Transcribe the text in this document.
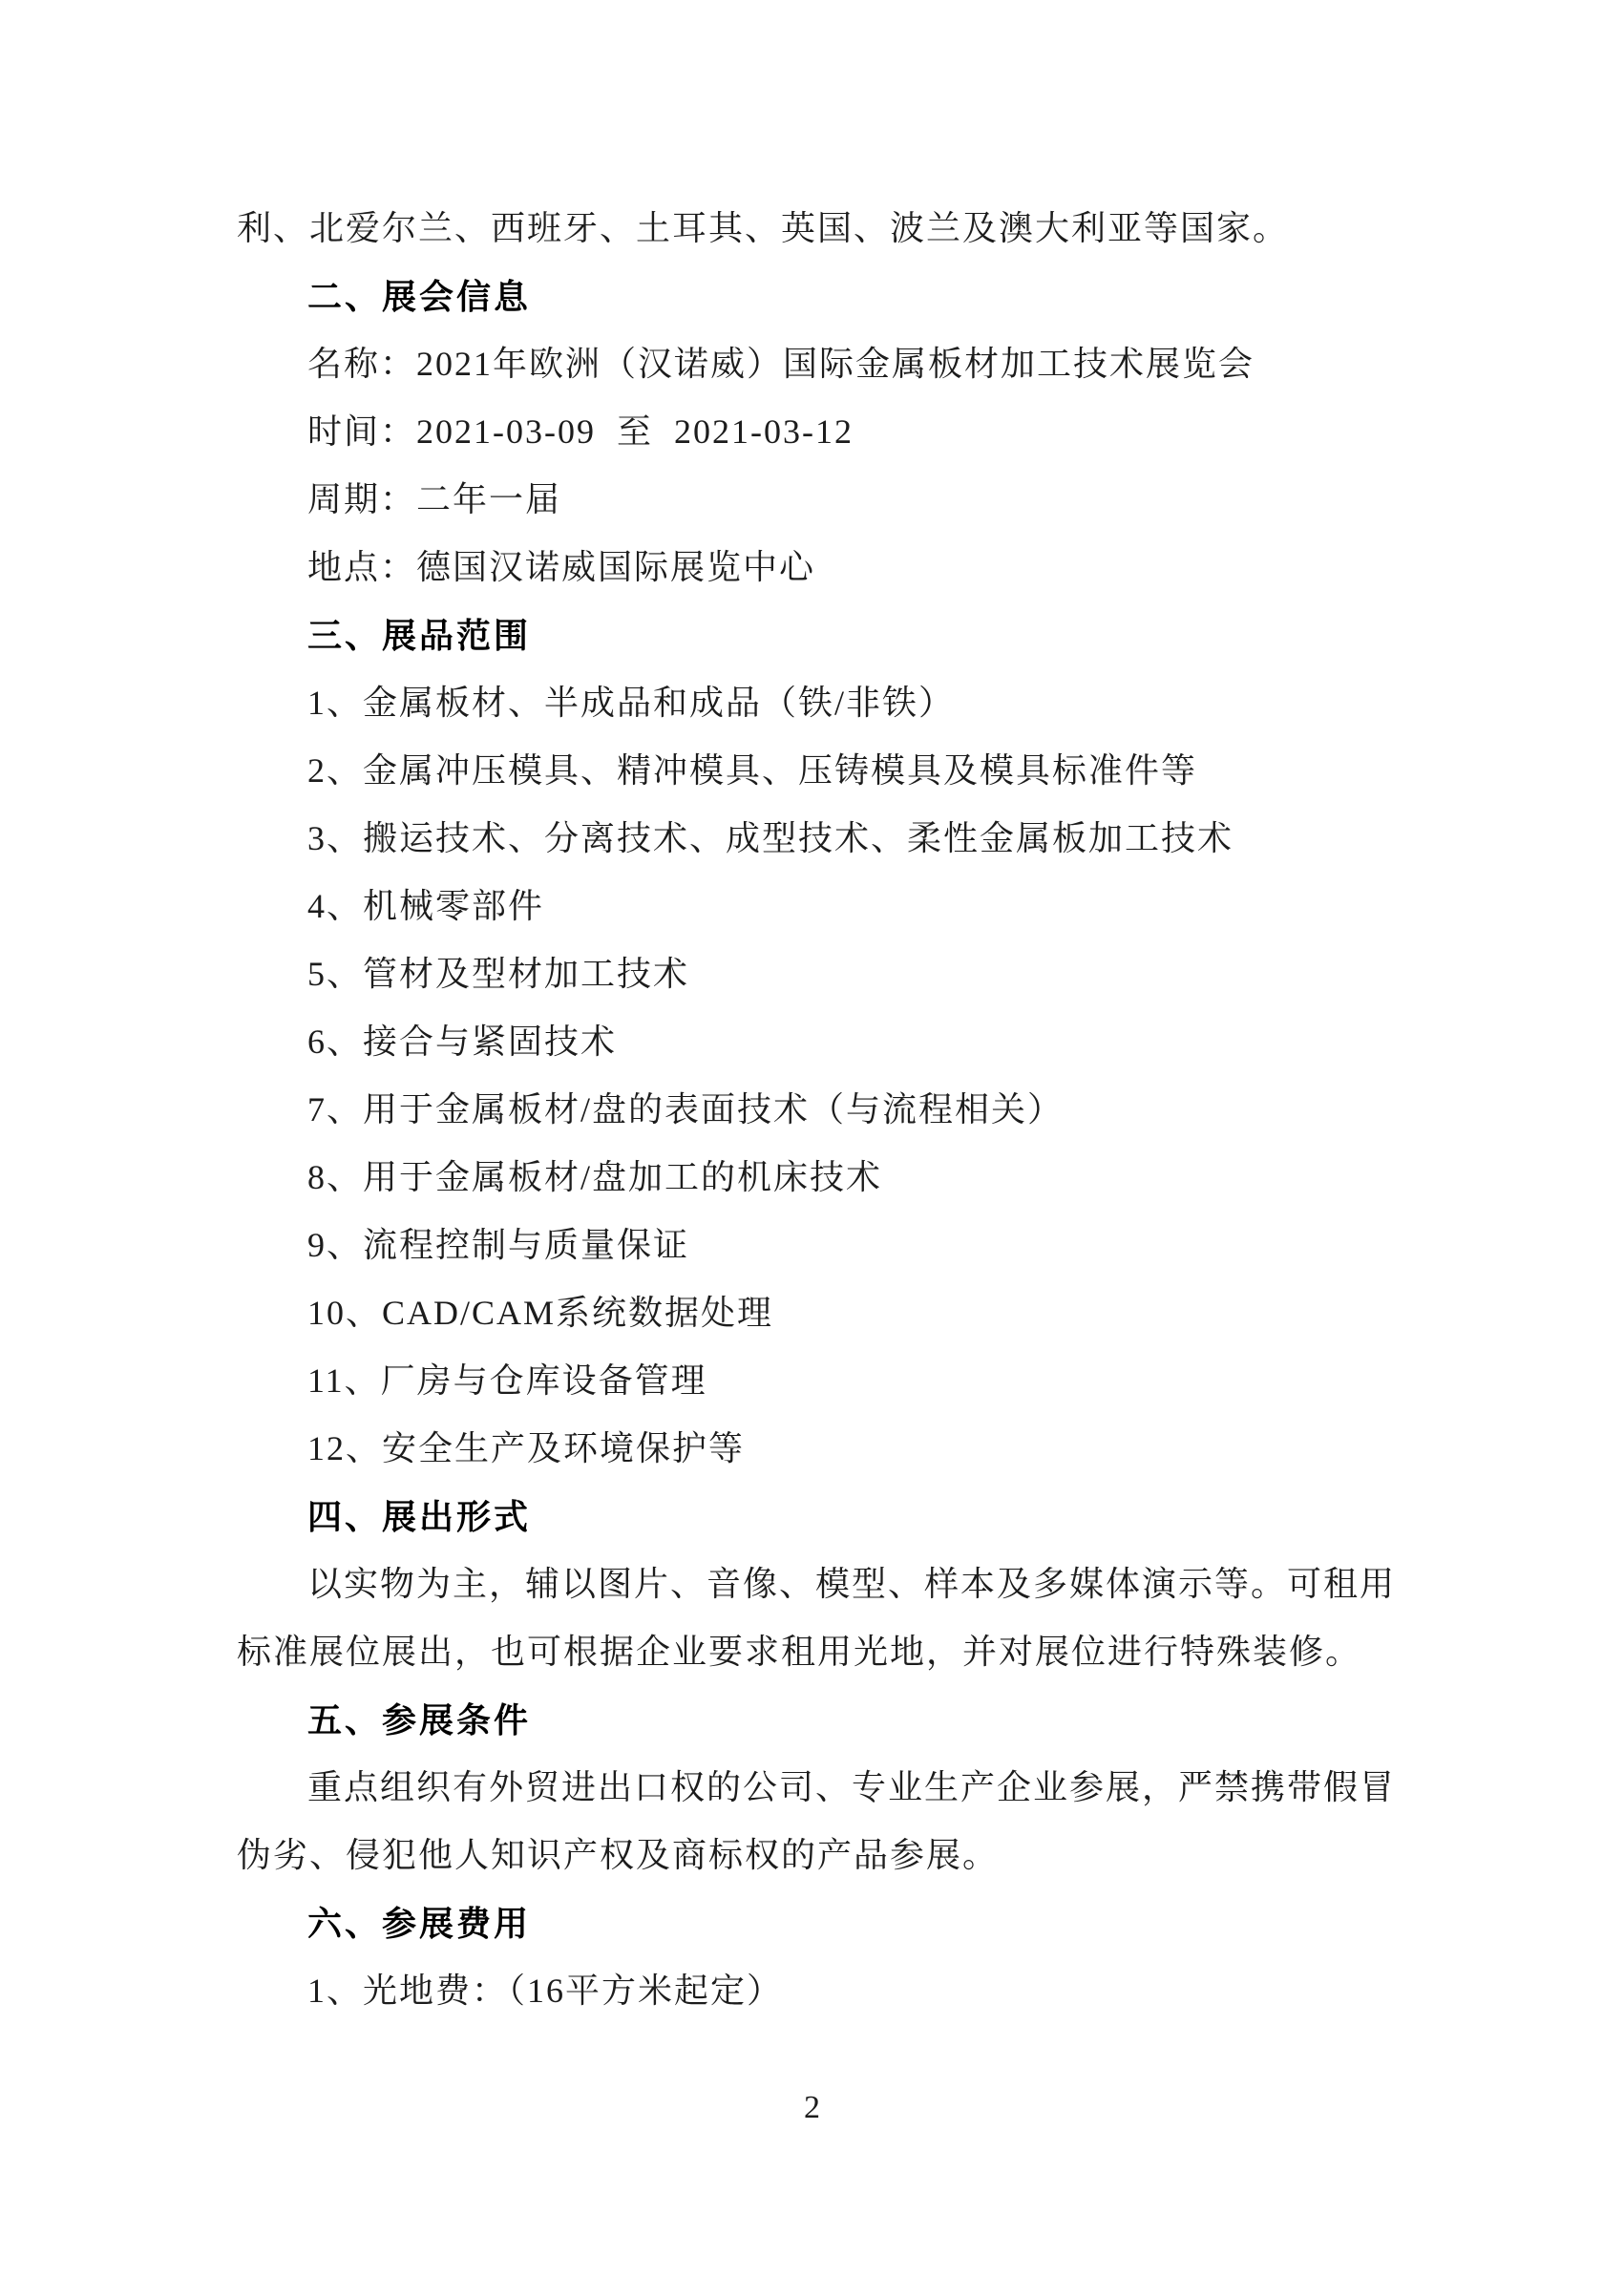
利、北爱尔兰、西班牙、土耳其、英国、波兰及澳大利亚等国家。
二、展会信息
名称：2021年欧洲（汉诺威）国际金属板材加工技术展览会
时间：2021-03-09  至  2021-03-12
周期：二年一届
地点：德国汉诺威国际展览中心
三、展品范围
1、金属板材、半成品和成品（铁/非铁）
2、金属冲压模具、精冲模具、压铸模具及模具标准件等
3、搬运技术、分离技术、成型技术、柔性金属板加工技术
4、机械零部件
5、管材及型材加工技术
6、接合与紧固技术
7、用于金属板材/盘的表面技术（与流程相关）
8、用于金属板材/盘加工的机床技术
9、流程控制与质量保证
10、CAD/CAM系统数据处理
11、厂房与仓库设备管理
12、安全生产及环境保护等
四、展出形式
以实物为主，辅以图片、音像、模型、样本及多媒体演示等。可租用
标准展位展出，也可根据企业要求租用光地，并对展位进行特殊装修。
五、参展条件
重点组织有外贸进出口权的公司、专业生产企业参展，严禁携带假冒
伪劣、侵犯他人知识产权及商标权的产品参展。
六、参展费用
1、光地费：（16平方米起定）
2
